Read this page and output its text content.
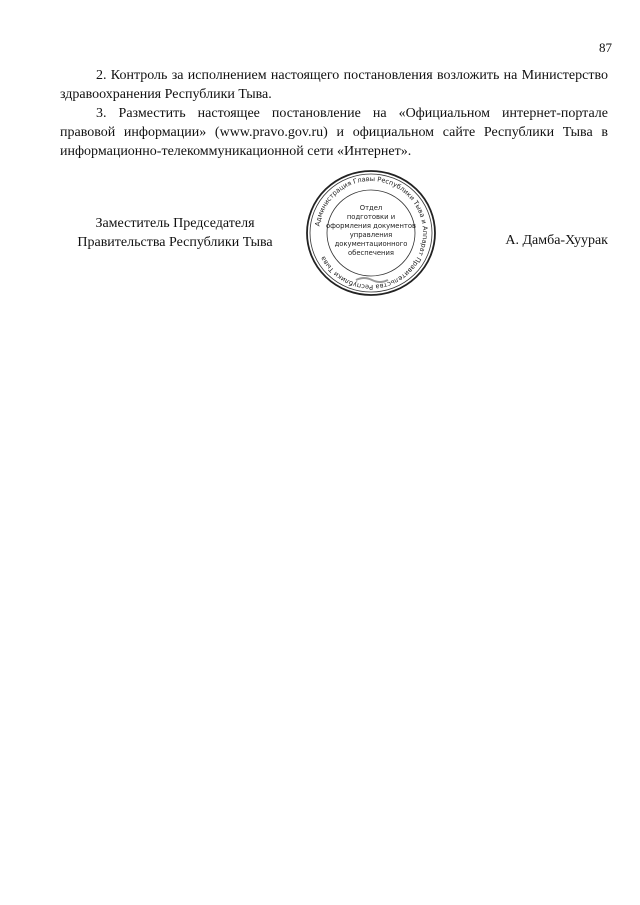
87

2. Контроль за исполнением настоящего постановления возложить на Министерство здравоохранения Республики Тыва.

3. Разместить настоящее постановление на «Официальном интернет-портале правовой информации» (www.pravo.gov.ru) и официальном сайте Республики Тыва в информационно-телекоммуникационной сети «Интернет».

Заместитель Председателя
Правительства Республики Тыва
Администрация Главы Республики Тыва и Аппарат Правительства Республики Тыва
Отдел
подготовки и
оформления документов
управления
документационного
обеспечения
А. Дамба-Хуурак
